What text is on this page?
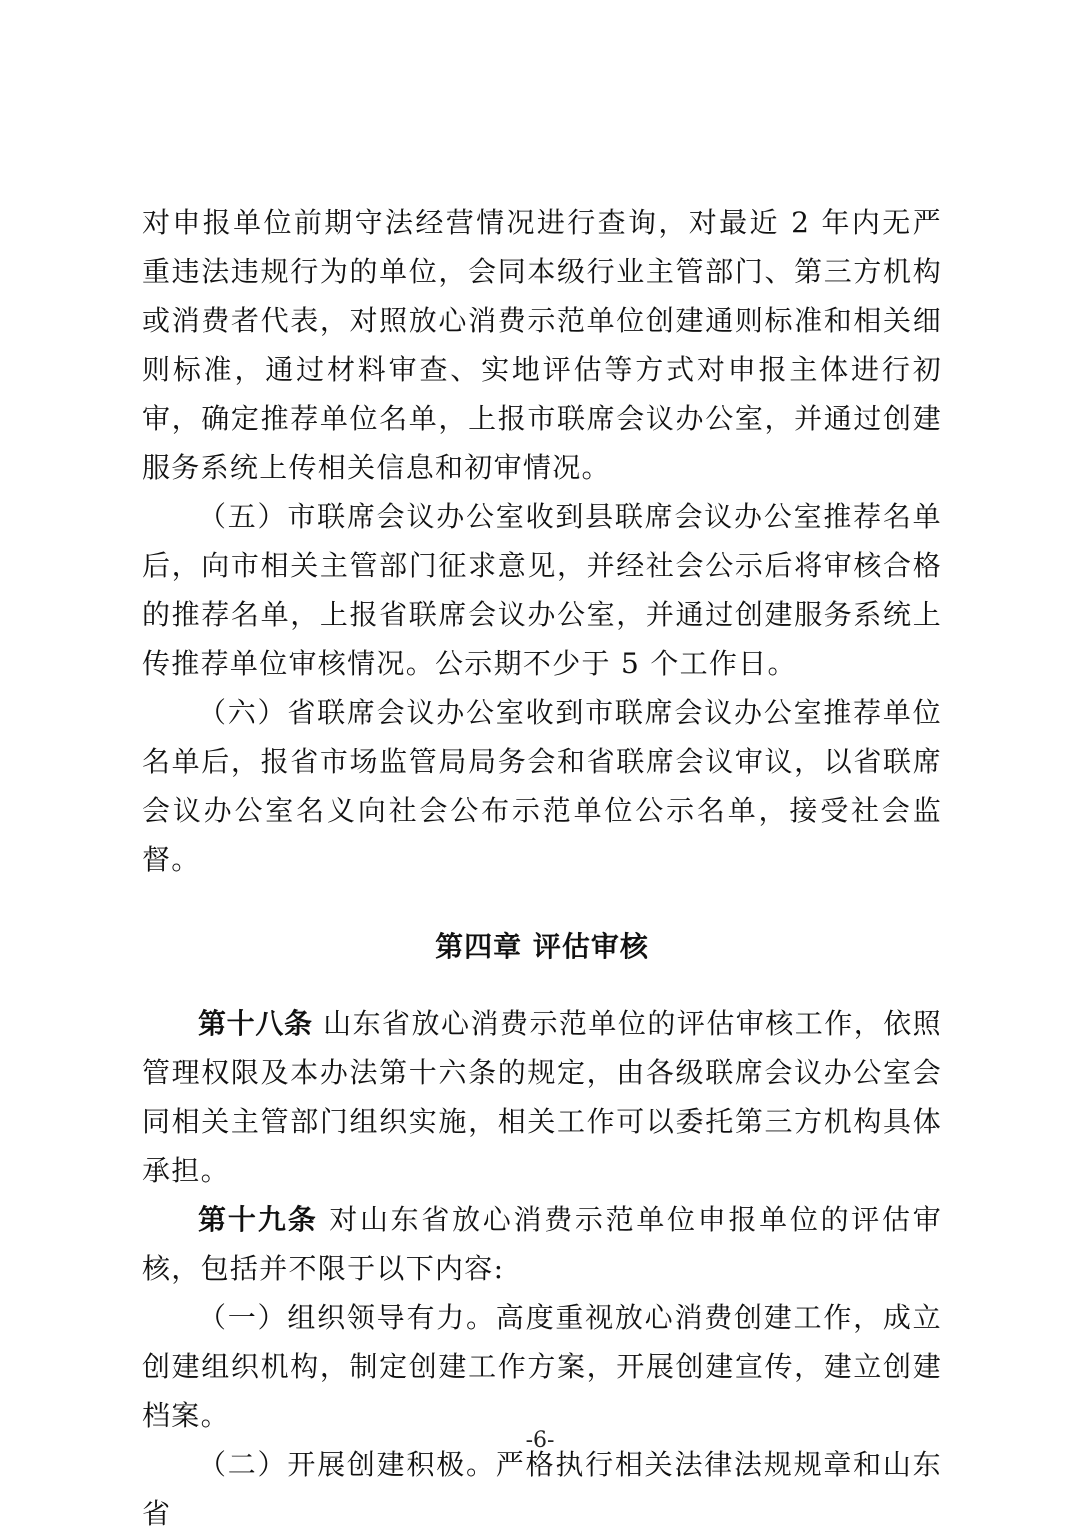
对申报单位前期守法经营情况进行查询，对最近 2 年内无严重违法违规行为的单位，会同本级行业主管部门、第三方机构或消费者代表，对照放心消费示范单位创建通则标准和相关细则标准，通过材料审查、实地评估等方式对申报主体进行初审，确定推荐单位名单，上报市联席会议办公室，并通过创建服务系统上传相关信息和初审情况。

（五）市联席会议办公室收到县联席会议办公室推荐名单后，向市相关主管部门征求意见，并经社会公示后将审核合格的推荐名单，上报省联席会议办公室，并通过创建服务系统上传推荐单位审核情况。公示期不少于 5 个工作日。

（六）省联席会议办公室收到市联席会议办公室推荐单位名单后，报省市场监管局局务会和省联席会议审议，以省联席会议办公室名义向社会公布示范单位公示名单，接受社会监督。

第四章 评估审核

第十八条 山东省放心消费示范单位的评估审核工作，依照管理权限及本办法第十六条的规定，由各级联席会议办公室会同相关主管部门组织实施，相关工作可以委托第三方机构具体承担。

第十九条 对山东省放心消费示范单位申报单位的评估审核，包括并不限于以下内容:

（一）组织领导有力。高度重视放心消费创建工作，成立创建组织机构，制定创建工作方案，开展创建宣传，建立创建档案。

（二）开展创建积极。严格执行相关法律法规规章和山东省

-6-
